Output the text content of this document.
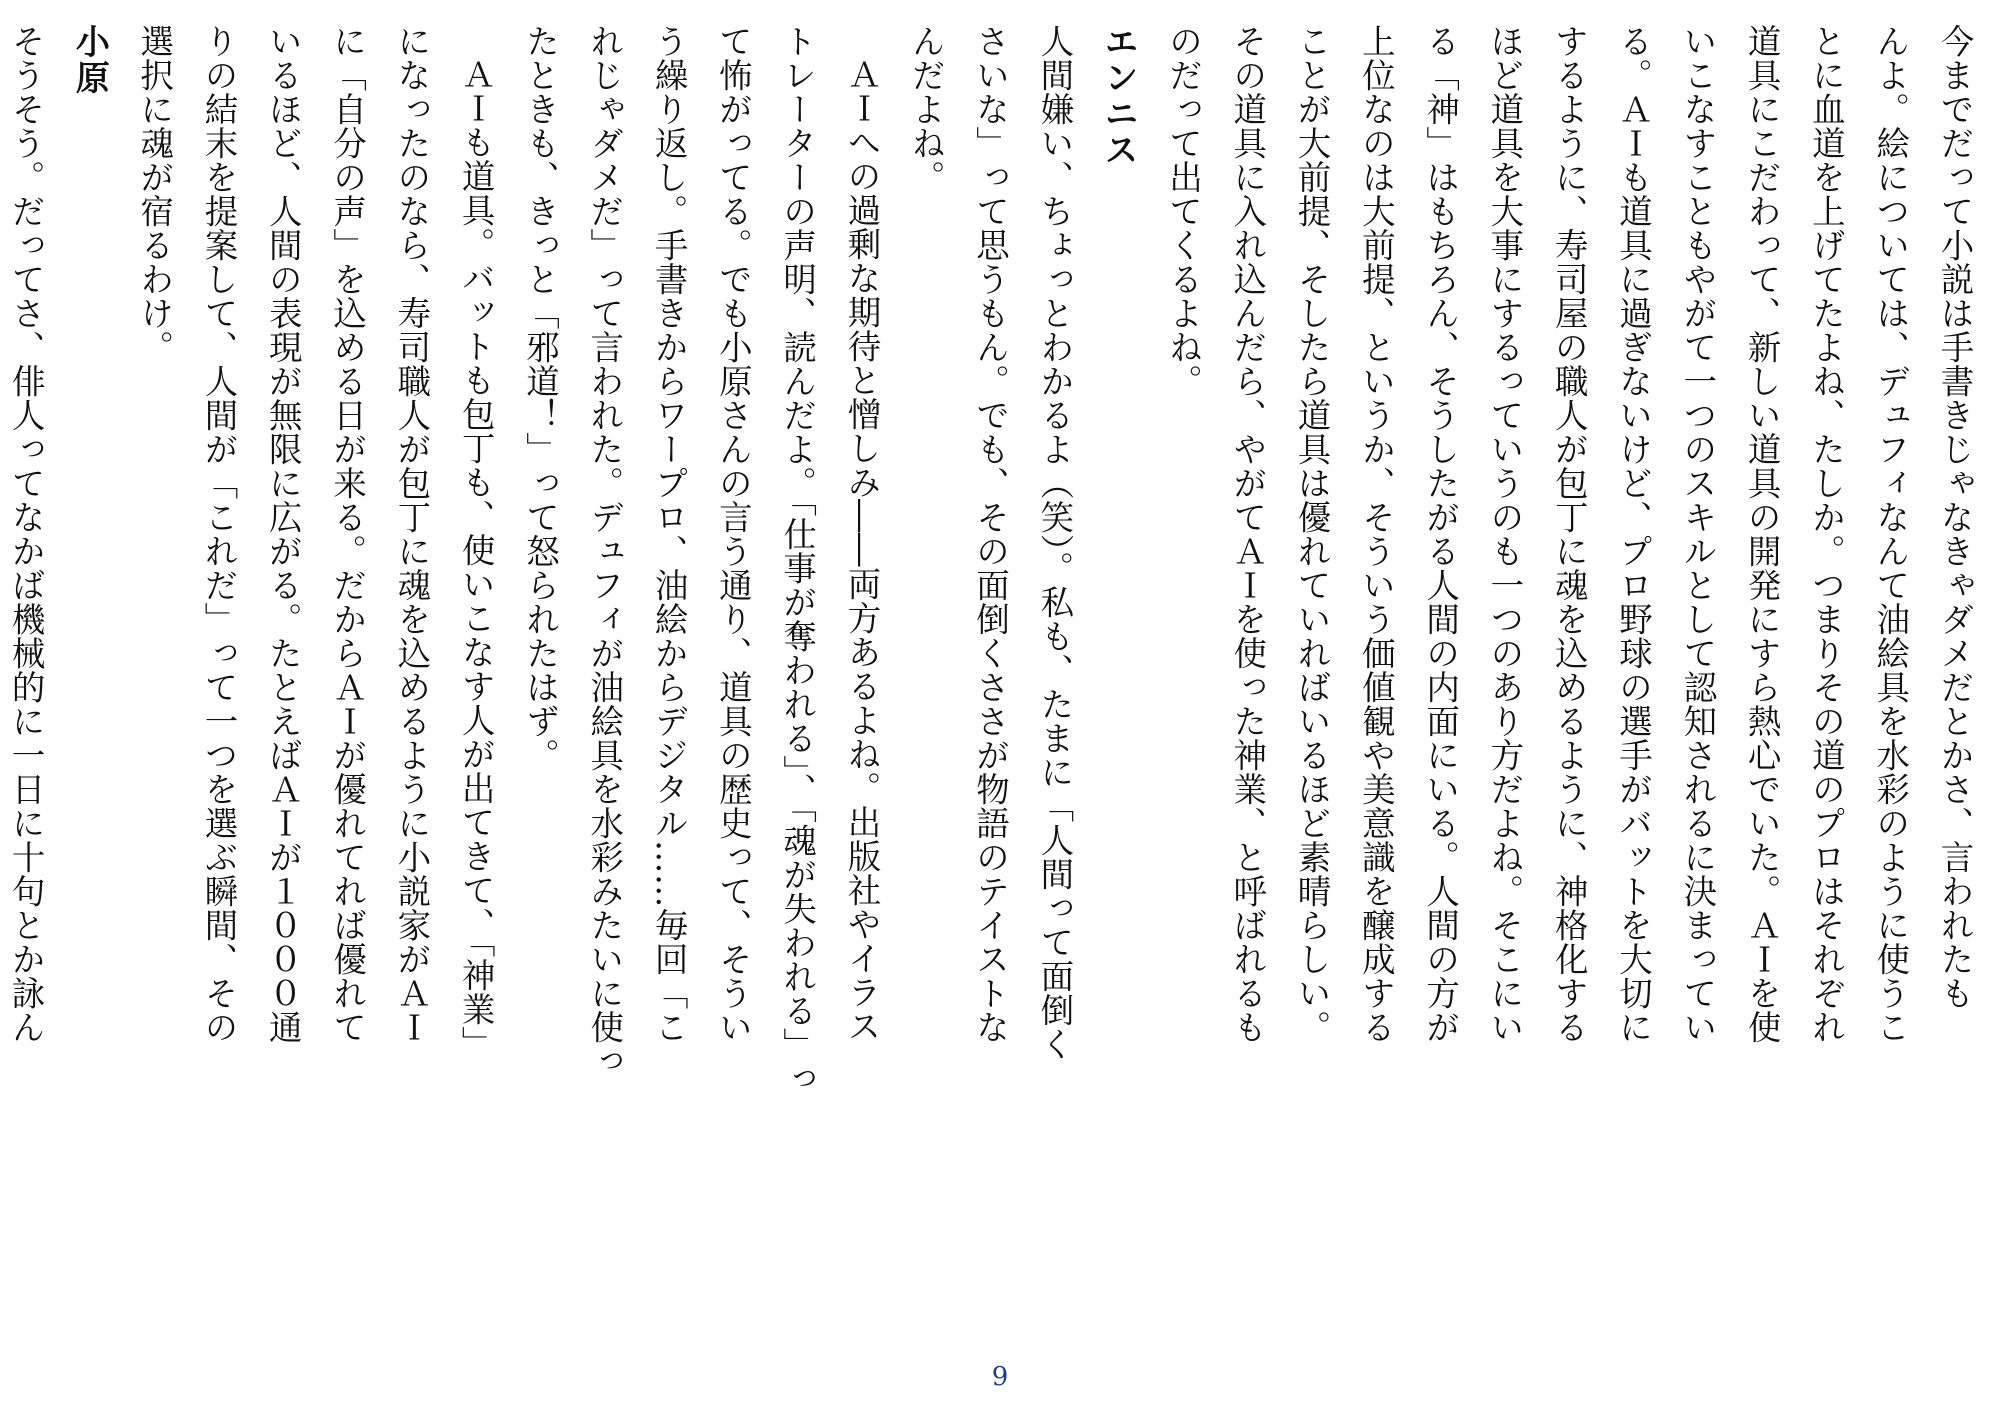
今までだって小説は手書きじゃなきゃダメだとかさ、言われたも
んよ。絵については、デュフィなんて油絵具を水彩のように使うこ
とに血道を上げてたよね、たしか。つまりその道のプロはそれぞれ
道具にこだわって、新しい道具の開発にすら熱心でいた。ＡＩを使
いこなすこともやがて一つのスキルとして認知されるに決まってい
る。ＡＩも道具に過ぎないけど、プロ野球の選手がバットを大切に
するように、寿司屋の職人が包丁に魂を込めるように、神格化する
ほど道具を大事にするっていうのも一つのあり方だよね。そこにい
る「神」はもちろん、そうしたがる人間の内面にいる。人間の方が
上位なのは大前提、というか、そういう価値観や美意識を醸成する
ことが大前提、そしたら道具は優れていればいるほど素晴らしい。
その道具に入れ込んだら、やがてＡＩを使った神業、と呼ばれるも
のだって出てくるよね。
エンニス
人間嫌い、ちょっとわかるよ（笑）。私も、たまに「人間って面倒く
さいな」って思うもん。でも、その面倒くささが物語のテイストな
んだよね。
ＡＩへの過剰な期待と憎しみ――両方あるよね。出版社やイラス
トレーターの声明、読んだよ。「仕事が奪われる」、「魂が失われる」っ
て怖がってる。でも小原さんの言う通り、道具の歴史って、そうい
う繰り返し。手書きからワープロ、油絵からデジタル……毎回「こ
れじゃダメだ」って言われた。デュフィが油絵具を水彩みたいに使っ
たときも、きっと「邪道！」って怒られたはず。
ＡＩも道具。バットも包丁も、使いこなす人が出てきて、「神業」
になったのなら、寿司職人が包丁に魂を込めるように小説家がＡＩ
に「自分の声」を込める日が来る。だからＡＩが優れてれば優れて
いるほど、人間の表現が無限に広がる。たとえばＡＩが１０００通
りの結末を提案して、人間が「これだ」って一つを選ぶ瞬間、その
選択に魂が宿るわけ。
小原
そうそう。だってさ、俳人ってなかば機械的に一日に十句とか詠ん
9
